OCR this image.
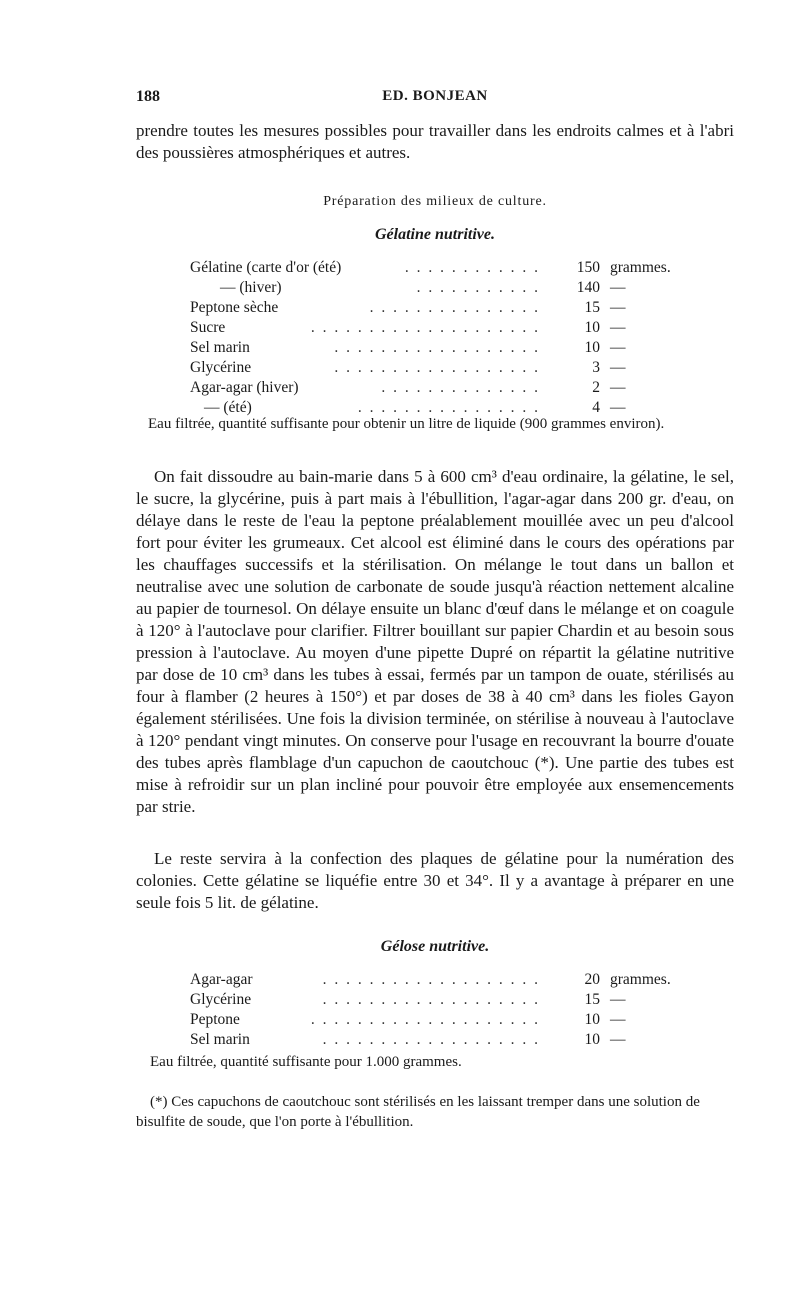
188	ED. BONJEAN

prendre toutes les mesures possibles pour travailler dans les endroits calmes et à l'abri des poussières atmosphériques et autres.

Préparation des milieux de culture.
Gélatine nutritive.
Gélatine (carte d'or (été)	. . . . . . . . . . . .	150 grammes.
— (hiver)	. . . . . . . . . . .	140 —
Peptone sèche	. . . . . . . . . . . . . . .	15 —
Sucre	. . . . . . . . . . . . . . . . . . . .	10 —
Sel marin	. . . . . . . . . . . . . . . . . .	10 —
Glycérine	. . . . . . . . . . . . . . . . . .	3 —
Agar-agar (hiver)	. . . . . . . . . . . . . .	2 —
— (été)	. . . . . . . . . . . . . . . .	4 —
Eau filtrée, quantité suffisante pour obtenir un litre de liquide (900 grammes environ).

On fait dissoudre au bain-marie dans 5 à 600 cm³ d'eau ordinaire, la gélatine, le sel, le sucre, la glycérine, puis à part mais à l'ébullition, l'agar-agar dans 200 gr. d'eau, on délaye dans le reste de l'eau la peptone préalablement mouillée avec un peu d'alcool fort pour éviter les grumeaux. Cet alcool est éliminé dans le cours des opérations par les chauffages successifs et la stérilisation. On mélange le tout dans un ballon et neutralise avec une solution de carbonate de soude jusqu'à réaction nettement alcaline au papier de tournesol. On délaye ensuite un blanc d'œuf dans le mélange et on coagule à 120° à l'autoclave pour clarifier. Filtrer bouillant sur papier Chardin et au besoin sous pression à l'autoclave. Au moyen d'une pipette Dupré on répartit la gélatine nutritive par dose de 10 cm³ dans les tubes à essai, fermés par un tampon de ouate, stérilisés au four à flamber (2 heures à 150°) et par doses de 38 à 40 cm³ dans les fioles Gayon également stérilisées. Une fois la division terminée, on stérilise à nouveau à l'autoclave à 120° pendant vingt minutes. On conserve pour l'usage en recouvrant la bourre d'ouate des tubes après flamblage d'un capuchon de caoutchouc (*). Une partie des tubes est mise à refroidir sur un plan incliné pour pouvoir être employée aux ensemencements par strie.

Le reste servira à la confection des plaques de gélatine pour la numération des colonies. Cette gélatine se liquéfie entre 30 et 34°. Il y a avantage à préparer en une seule fois 5 lit. de gélatine.

Gélose nutritive.
Agar-agar	. . . . . . . . . . . . . . . . . . .	20 grammes.
Glycérine	. . . . . . . . . . . . . . . . . . .	15 —
Peptone	. . . . . . . . . . . . . . . . . . . .	10 —
Sel marin	. . . . . . . . . . . . . . . . . . .	10 —
Eau filtrée, quantité suffisante pour 1.000 grammes.
(*) Ces capuchons de caoutchouc sont stérilisés en les laissant tremper dans une solution de bisulfite de soude, que l'on porte à l'ébullition.
